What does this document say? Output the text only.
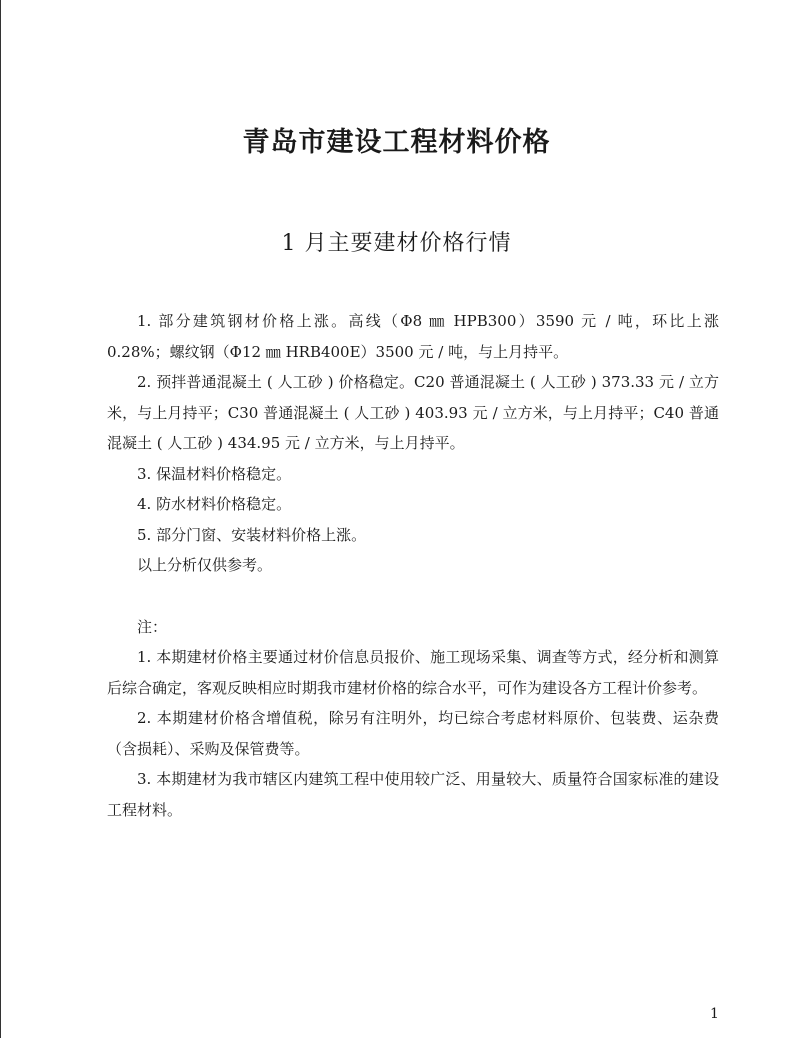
青岛市建设工程材料价格
1 月主要建材价格行情

1. 部分建筑钢材价格上涨。高线（Φ8 ㎜ HPB300）3590 元 / 吨，环比上涨 0.28%；螺纹钢（Φ12 ㎜ HRB400E）3500 元 / 吨，与上月持平。

2. 预拌普通混凝土 ( 人工砂 ) 价格稳定。C20 普通混凝土 ( 人工砂 ) 373.33 元 / 立方米，与上月持平；C30 普通混凝土 ( 人工砂 ) 403.93 元 / 立方米，与上月持平；C40 普通混凝土 ( 人工砂 ) 434.95 元 / 立方米，与上月持平。

3. 保温材料价格稳定。

4. 防水材料价格稳定。

5. 部分门窗、安装材料价格上涨。

以上分析仅供参考。

注：

1. 本期建材价格主要通过材价信息员报价、施工现场采集、调查等方式，经分析和测算后综合确定，客观反映相应时期我市建材价格的综合水平，可作为建设各方工程计价参考。

2. 本期建材价格含增值税，除另有注明外，均已综合考虑材料原价、包装费、运杂费（含损耗）、采购及保管费等。

3. 本期建材为我市辖区内建筑工程中使用较广泛、用量较大、质量符合国家标准的建设工程材料。

1
